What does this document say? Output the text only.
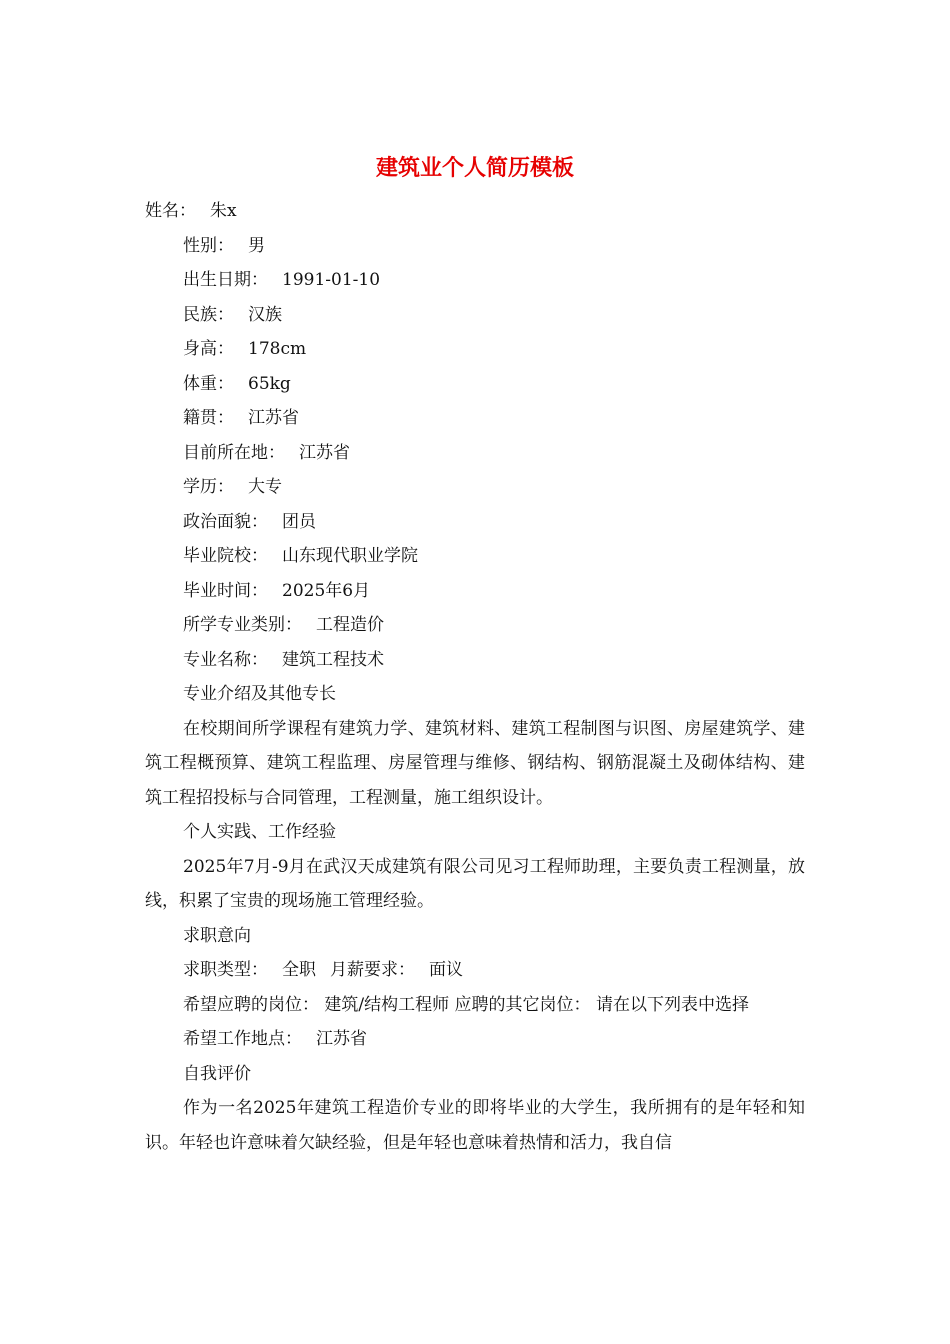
建筑业个人简历模板

姓名： 朱x

性别： 男

出生日期： 1991-01-10

民族： 汉族

身高： 178cm

体重： 65kg

籍贯： 江苏省

目前所在地： 江苏省

学历： 大专

政治面貌： 团员

毕业院校： 山东现代职业学院

毕业时间： 2025年6月

所学专业类别： 工程造价

专业名称： 建筑工程技术

专业介绍及其他专长

在校期间所学课程有建筑力学、建筑材料、建筑工程制图与识图、房屋建筑学、建筑工程概预算、建筑工程监理、房屋管理与维修、钢结构、钢筋混凝土及砌体结构、建筑工程招投标与合同管理，工程测量，施工组织设计。

个人实践、工作经验

2025年7月-9月在武汉天成建筑有限公司见习工程师助理，主要负责工程测量，放线，积累了宝贵的现场施工管理经验。

求职意向

求职类型： 全职 月薪要求： 面议

希望应聘的岗位： 建筑/结构工程师 应聘的其它岗位： 请在以下列表中选择

希望工作地点： 江苏省

自我评价

作为一名2025年建筑工程造价专业的即将毕业的大学生，我所拥有的是年轻和知识。年轻也许意味着欠缺经验，但是年轻也意味着热情和活力，我自信
